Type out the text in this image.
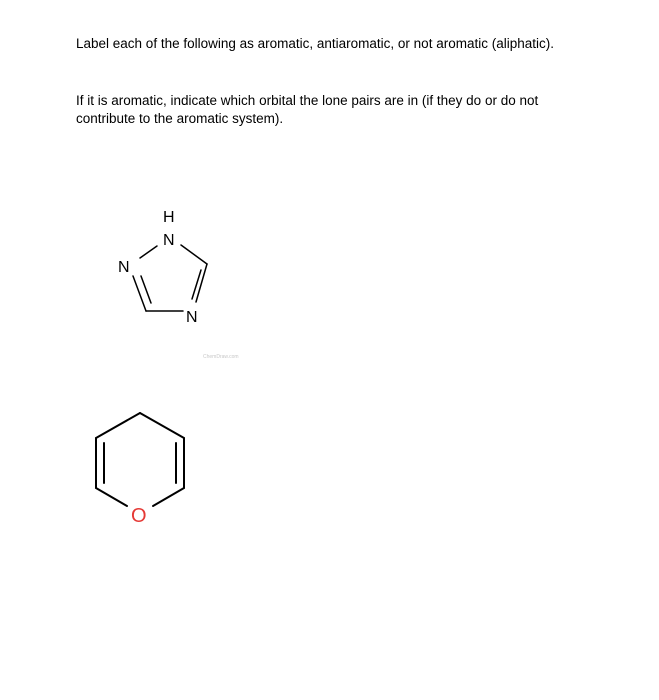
Label each of the following as aromatic, antiaromatic, or not aromatic (aliphatic).
If it is aromatic, indicate which orbital the lone pairs are in (if they do or do not
contribute to the aromatic system).
H
N
N
N
ChemDraw.com
O
